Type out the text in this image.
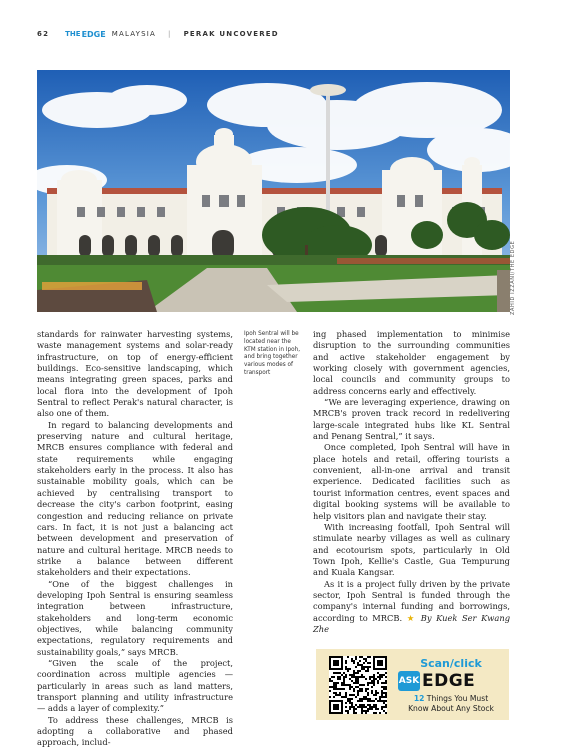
62 THE EDGE MALAYSIA | PERAK UNCOVERED
ZAHID IZZANI/THE EDGE

standards for rainwater harvesting systems, waste management systems and solar-ready infrastructure, on top of energy-efficient buildings. Eco-sensitive landscaping, which means integrating green spaces, parks and local flora into the development of Ipoh Sentral to reflect Perak's natural character, is also one of them.

In regard to balancing developments and preserving nature and cultural heritage, MRCB ensures compliance with federal and state requirements while engaging stakeholders early in the process. It also has sustainable mobility goals, which can be achieved by centralising transport to decrease the city's carbon footprint, easing congestion and reducing reliance on private cars. In fact, it is not just a balancing act between development and preservation of nature and cultural heritage. MRCB needs to strike a balance between different stakeholders and their expectations.

“One of the biggest challenges in developing Ipoh Sentral is ensuring seamless integration between infrastructure, stakeholders and long-term economic objectives, while balancing community expectations, regulatory requirements and sustainability goals,” says MRCB.

“Given the scale of the project, coordination across multiple agencies — particularly in areas such as land matters, transport planning and utility infrastructure — adds a layer of complexity.”

To address these challenges, MRCB is adopting a collaborative and phased approach, includ-

Ipoh Sentral will be located near the KTM station in Ipoh, and bring together various modes of transport

ing phased implementation to minimise disruption to the surrounding communities and active stakeholder engagement by working closely with government agencies, local councils and community groups to address concerns early and effectively.

“We are leveraging experience, drawing on MRCB's proven track record in redelivering large-scale integrated hubs like KL Sentral and Penang Sentral,” it says.

Once completed, Ipoh Sentral will have in place hotels and retail, offering tourists a convenient, all-in-one arrival and transit experience. Dedicated facilities such as tourist information centres, event spaces and digital booking systems will be available to help visitors plan and navigate their stay.

With increasing footfall, Ipoh Sentral will stimulate nearby villages as well as culinary and ecotourism spots, particularly in Old Town Ipoh, Kellie's Castle, Gua Tempurung and Kuala Kangsar.

As it is a project fully driven by the private sector, Ipoh Sentral is funded through the company's internal funding and borrowings, according to MRCB. ★ By Kuek Ser Kwang Zhe

Scan/click
ASK EDGE
12 Things You Must
Know About Any Stock
